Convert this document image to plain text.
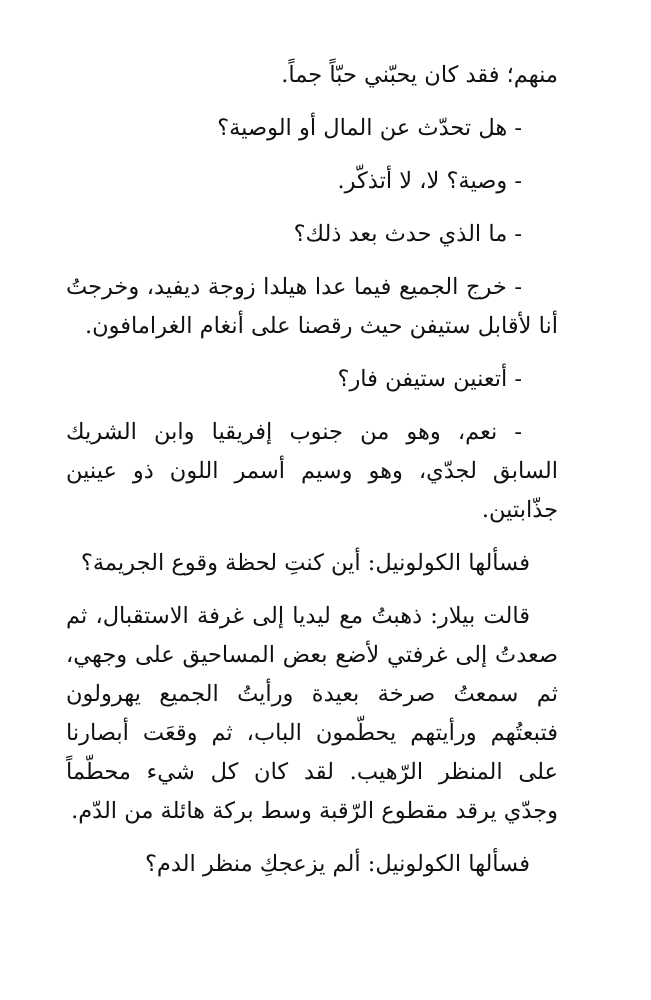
منهم؛ فقد كان يحبّني حبّاً جماً.

- هل تحدّث عن المال أو الوصية؟

- وصية؟ لا، لا أتذكّر.

- ما الذي حدث بعد ذلك؟

- خرج الجميع فيما عدا هيلدا زوجة ديفيد، وخرجتُ أنا لأقابل ستيفن حيث رقصنا على أنغام الغرامافون.

- أتعنين ستيفن فار؟

- نعم، وهو من جنوب إفريقيا وابن الشريك السابق لجدّي، وهو وسيم أسمر اللون ذو عينين جذّابتين.

فسألها الكولونيل: أين كنتِ لحظة وقوع الجريمة؟

قالت بيلار: ذهبتُ مع ليديا إلى غرفة الاستقبال، ثم صعدتُ إلى غرفتي لأضع بعض المساحيق على وجهي، ثم سمعتُ صرخة بعيدة ورأيتُ الجميع يهرولون فتبعتُهم ورأيتهم يحطّمون الباب، ثم وقعَت أبصارنا على المنظر الرّهيب. لقد كان كل شيء محطّماً وجدّي يرقد مقطوع الرّقبة وسط بركة هائلة من الدّم.

فسألها الكولونيل: ألم يزعجكِ منظر الدم؟
